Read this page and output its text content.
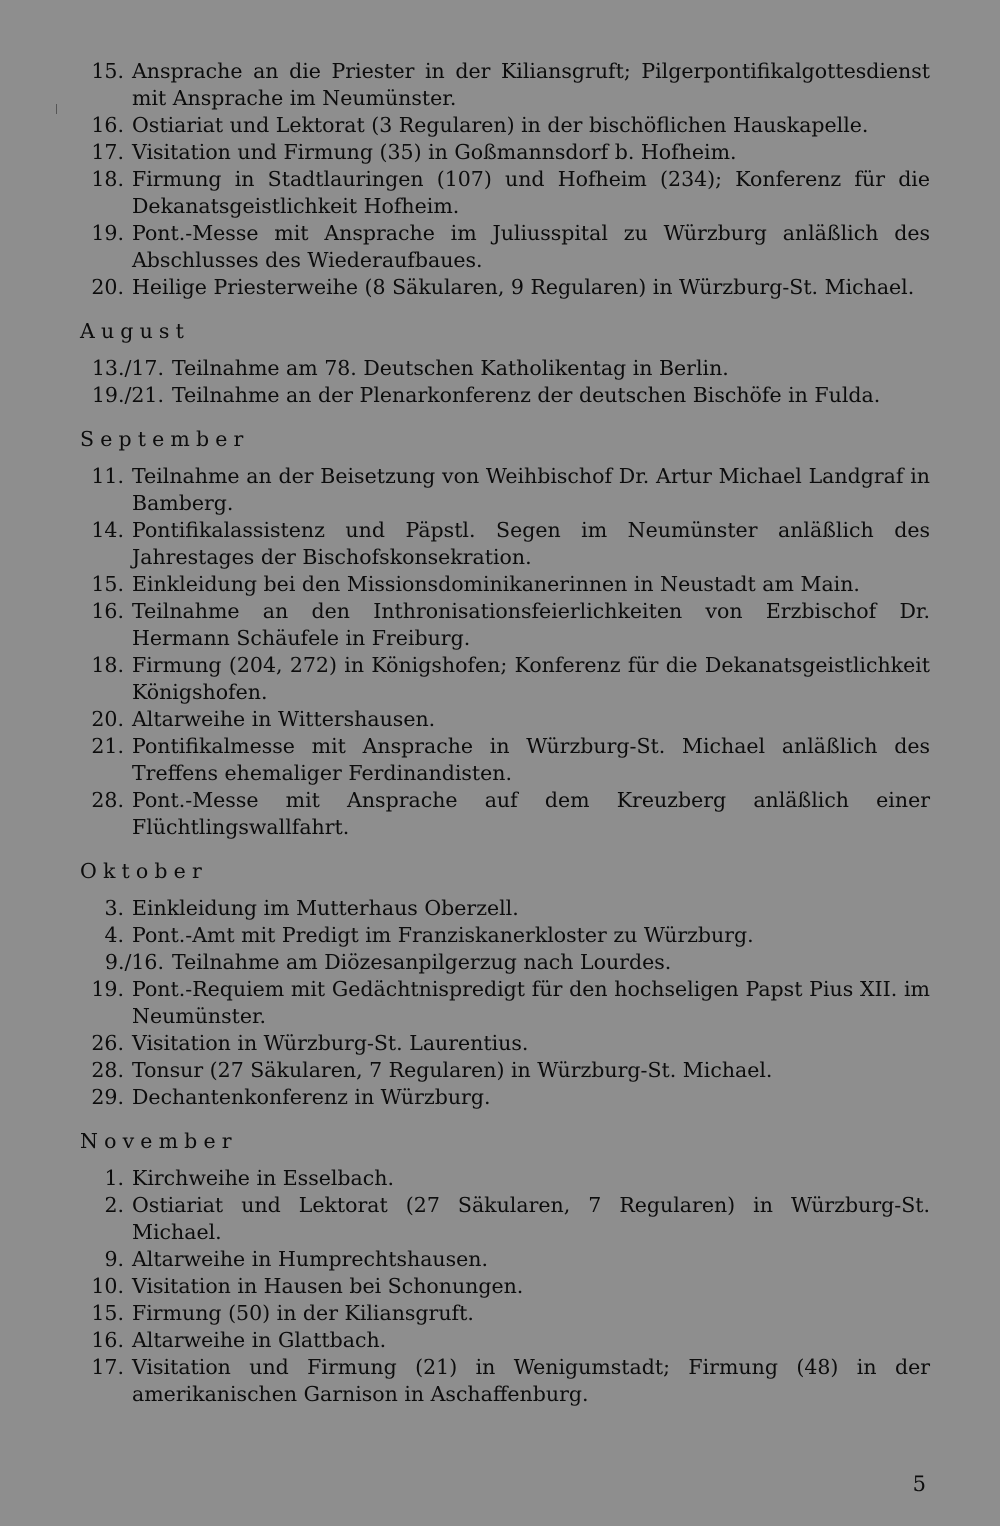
15. Ansprache an die Priester in der Kiliansgruft; Pilgerpontifikalgottesdienst mit Ansprache im Neumünster.
16. Ostiariat und Lektorat (3 Regularen) in der bischöflichen Hauskapelle.
17. Visitation und Firmung (35) in Goßmannsdorf b. Hofheim.
18. Firmung in Stadtlauringen (107) und Hofheim (234); Konferenz für die Dekanatsgeistlichkeit Hofheim.
19. Pont.-Messe mit Ansprache im Juliusspital zu Würzburg anläßlich des Abschlusses des Wiederaufbaues.
20. Heilige Priesterweihe (8 Säkularen, 9 Regularen) in Würzburg-St. Michael.
August
13./17. Teilnahme am 78. Deutschen Katholikentag in Berlin.
19./21. Teilnahme an der Plenarkonferenz der deutschen Bischöfe in Fulda.
September
11. Teilnahme an der Beisetzung von Weihbischof Dr. Artur Michael Landgraf in Bamberg.
14. Pontifikalassistenz und Päpstl. Segen im Neumünster anläßlich des Jahrestages der Bischofskonsekration.
15. Einkleidung bei den Missionsdominikanerinnen in Neustadt am Main.
16. Teilnahme an den Inthronisationsfeierlichkeiten von Erzbischof Dr. Hermann Schäufele in Freiburg.
18. Firmung (204, 272) in Königshofen; Konferenz für die Dekanatsgeistlichkeit Königshofen.
20. Altarweihe in Wittershausen.
21. Pontifikalmesse mit Ansprache in Würzburg-St. Michael anläßlich des Treffens ehemaliger Ferdinandisten.
28. Pont.-Messe mit Ansprache auf dem Kreuzberg anläßlich einer Flüchtlingswallfahrt.
Oktober
3. Einkleidung im Mutterhaus Oberzell.
4. Pont.-Amt mit Predigt im Franziskanerkloster zu Würzburg.
9./16. Teilnahme am Diözesanpilgerzug nach Lourdes.
19. Pont.-Requiem mit Gedächtnispredigt für den hochseligen Papst Pius XII. im Neumünster.
26. Visitation in Würzburg-St. Laurentius.
28. Tonsur (27 Säkularen, 7 Regularen) in Würzburg-St. Michael.
29. Dechantenkonferenz in Würzburg.
November
1. Kirchweihe in Esselbach.
2. Ostiariat und Lektorat (27 Säkularen, 7 Regularen) in Würzburg-St. Michael.
9. Altarweihe in Humprechtshausen.
10. Visitation in Hausen bei Schonungen.
15. Firmung (50) in der Kiliansgruft.
16. Altarweihe in Glattbach.
17. Visitation und Firmung (21) in Wenigumstadt; Firmung (48) in der amerikanischen Garnison in Aschaffenburg.
5
